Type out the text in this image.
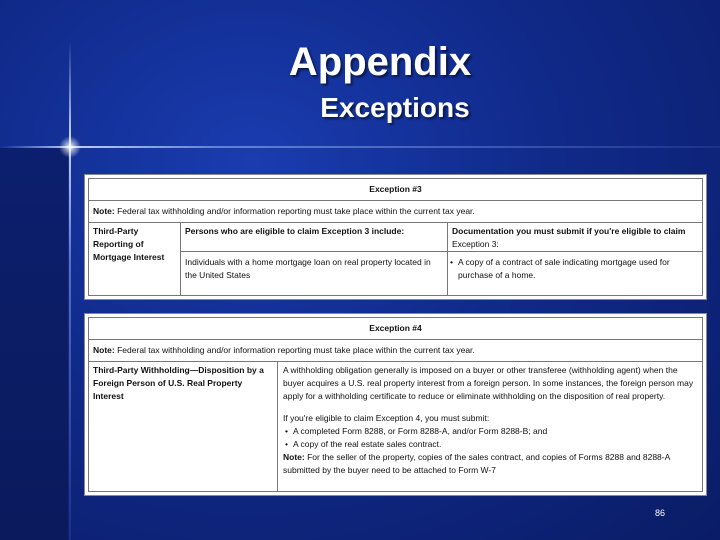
Appendix
Exceptions
Exception #3
Note: Federal tax withholding and/or information reporting must take place within the current tax year.
Third-Party Reporting of Mortgage Interest
Persons who are eligible to claim Exception 3 include:
Individuals with a home mortgage loan on real property located in the United States
Documentation you must submit if you're eligible to claim
Exception 3:
• A copy of a contract of sale indicating mortgage used for purchase of a home.
Exception #4
Note: Federal tax withholding and/or information reporting must take place within the current tax year.
Third-Party Withholding—Disposition by a Foreign Person of U.S. Real Property
Interest
A withholding obligation generally is imposed on a buyer or other transferee (withholding agent) when the buyer acquires a U.S. real property interest from a foreign person. In some instances, the foreign person may apply for a withholding certificate to reduce or eliminate withholding on the disposition of real property.
If you're eligible to claim Exception 4, you must submit:
• A completed Form 8288, or Form 8288-A, and/or Form 8288-B; and
• A copy of the real estate sales contract.
Note: For the seller of the property, copies of the sales contract, and copies of Forms 8288 and 8288-A submitted by the buyer need to be attached to Form W-7
86
